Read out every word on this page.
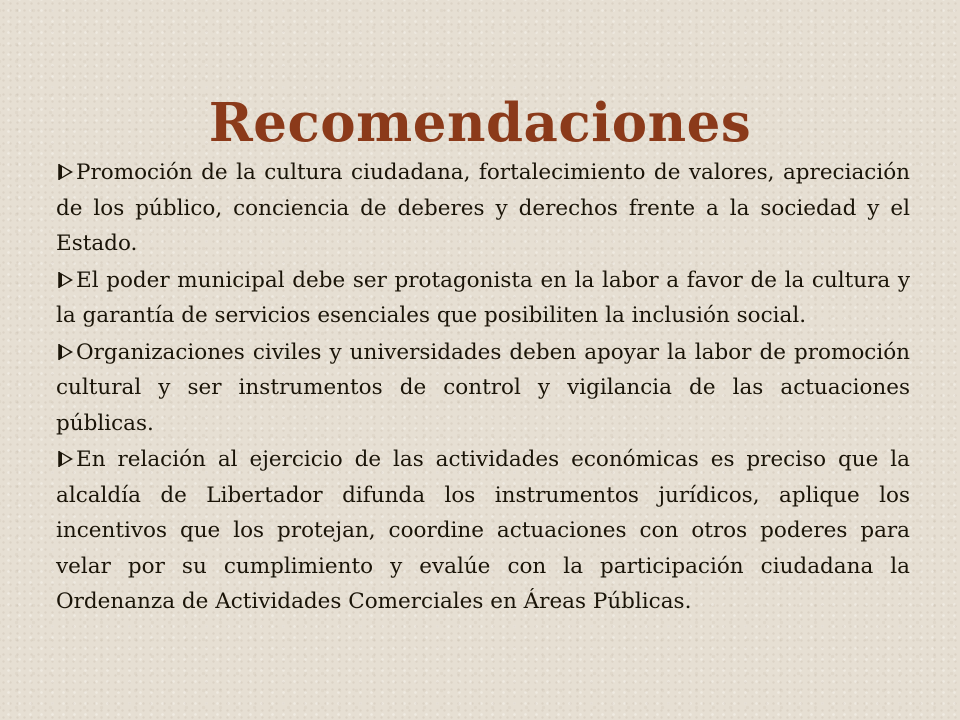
Recomendaciones
Promoción de la cultura ciudadana, fortalecimiento de valores, apreciación de los público, conciencia de deberes y derechos frente a la sociedad y el Estado.
El poder municipal debe ser protagonista en la labor a favor de la cultura y la garantía de servicios esenciales que posibiliten la inclusión social.
Organizaciones civiles y universidades deben apoyar la labor de promoción cultural y ser instrumentos de control y vigilancia de las actuaciones públicas.
En relación al ejercicio de las actividades económicas es preciso que la alcaldía de Libertador difunda los instrumentos jurídicos, aplique los incentivos que los protejan, coordine actuaciones con otros poderes para velar por su cumplimiento y evalúe con la participación ciudadana la Ordenanza de Actividades Comerciales en Áreas Públicas.
